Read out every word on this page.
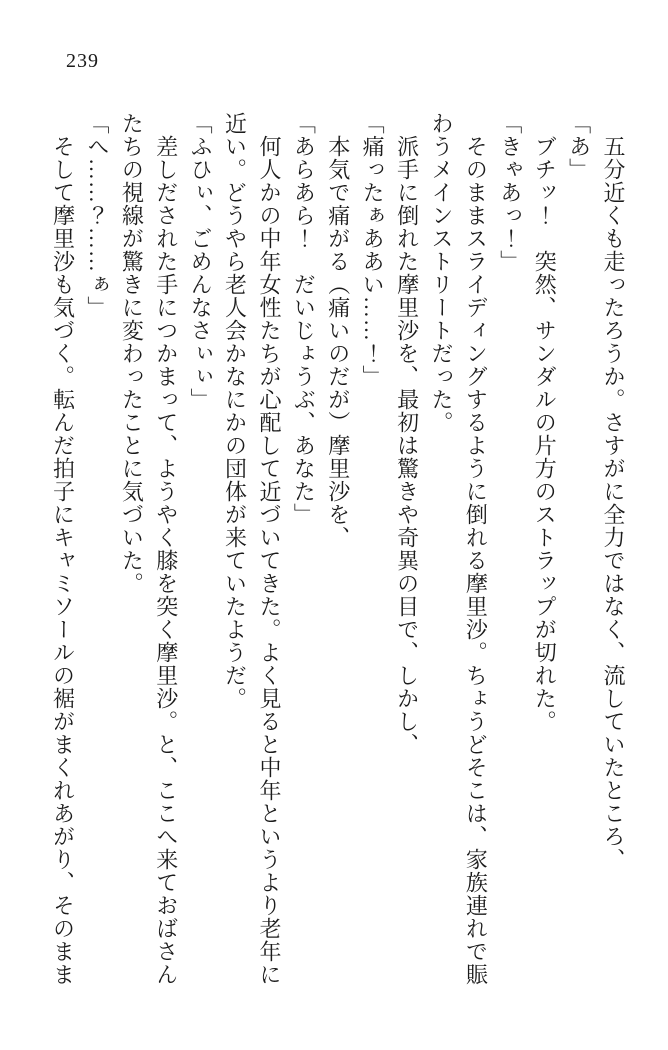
239
　五分近くも走ったろうか。さすがに全力ではなく、流していたところ、
「あ」
　ブチッ！　突然、サンダルの片方のストラップが切れた。
「きゃあっ！」
　そのままスライディングするように倒れる摩里沙。ちょうどそこは、家族連れで賑
わうメインストリートだった。
　派手に倒れた摩里沙を、最初は驚きや奇異の目で、しかし、
「痛ったぁああい……！」
　本気で痛がる（痛いのだが）摩里沙を、
「あらあら！　だいじょうぶ、あなた」
　何人かの中年女性たちが心配して近づいてきた。よく見ると中年というより老年に
近い。どうやら老人会かなにかの団体が来ていたようだ。
「ふひぃ、ごめんなさぃぃ」
　差しだされた手につかまって、ようやく膝を突く摩里沙。と、ここへ来ておばさん
たちの視線が驚きに変わったことに気づいた。
「へ……？……ぁ」
　そして摩里沙も気づく。転んだ拍子にキャミソールの裾がまくれあがり、そのまま
